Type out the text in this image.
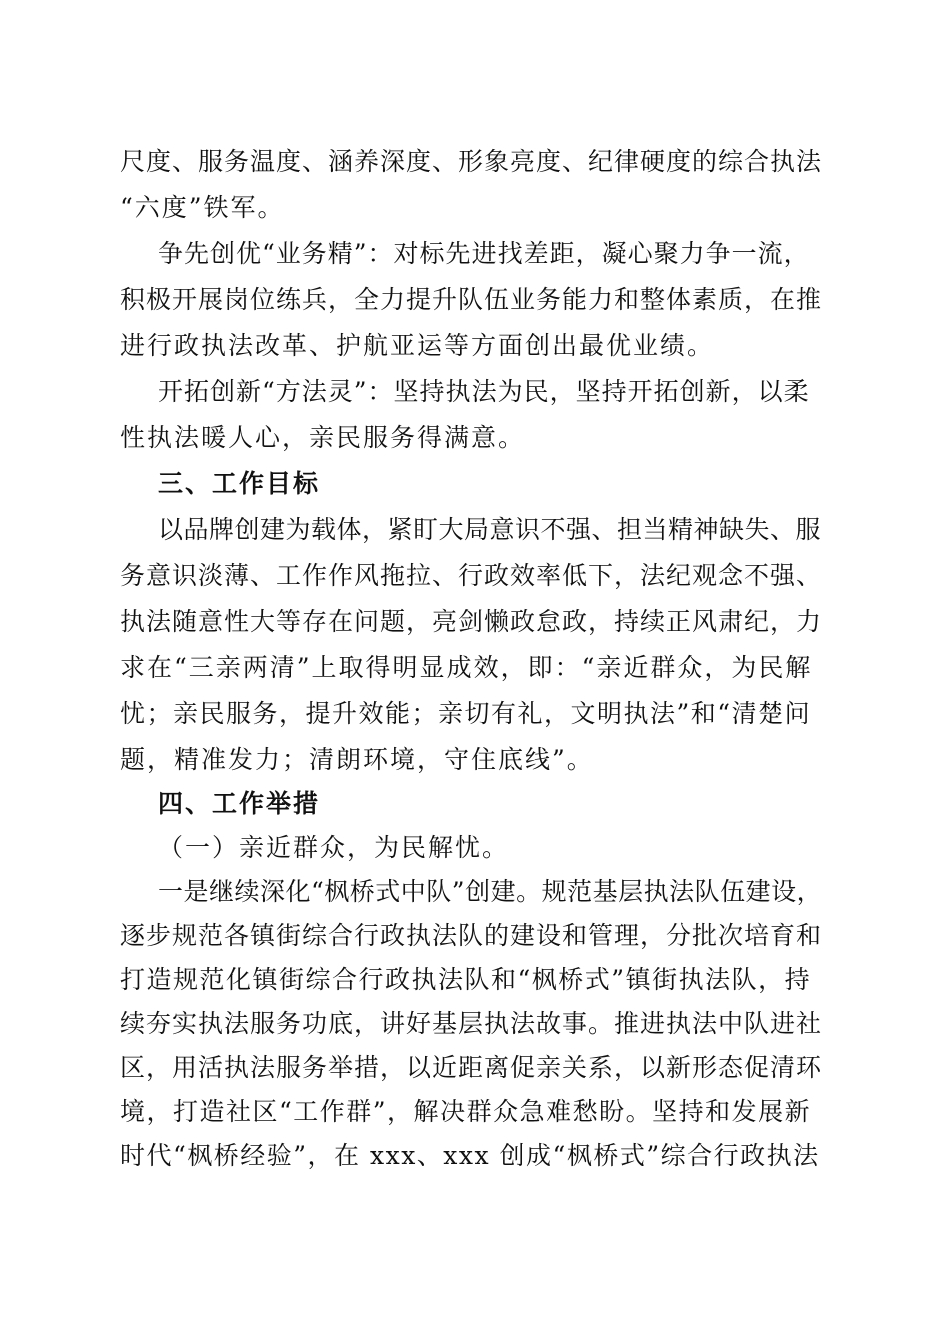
尺度、服务温度、涵养深度、形象亮度、纪律硬度的综合执法
“六度”铁军。
争先创优“业务精”：对标先进找差距，凝心聚力争一流，
积极开展岗位练兵，全力提升队伍业务能力和整体素质，在推
进行政执法改革、护航亚运等方面创出最优业绩。
开拓创新“方法灵”：坚持执法为民，坚持开拓创新，以柔
性执法暖人心，亲民服务得满意。
三、工作目标
以品牌创建为载体，紧盯大局意识不强、担当精神缺失、服
务意识淡薄、工作作风拖拉、行政效率低下，法纪观念不强、
执法随意性大等存在问题，亮剑懒政怠政，持续正风肃纪，力
求在“三亲两清”上取得明显成效，即：“亲近群众，为民解
忧；亲民服务，提升效能；亲切有礼，文明执法”和“清楚问
题，精准发力；清朗环境，守住底线”。
四、工作举措
（一）亲近群众，为民解忧。
一是继续深化“枫桥式中队”创建。规范基层执法队伍建设，
逐步规范各镇街综合行政执法队的建设和管理，分批次培育和
打造规范化镇街综合行政执法队和“枫桥式”镇街执法队，持
续夯实执法服务功底，讲好基层执法故事。推进执法中队进社
区，用活执法服务举措，以近距离促亲关系，以新形态促清环
境，打造社区“工作群”，解决群众急难愁盼。坚持和发展新
时代“枫桥经验”，在 xxx、xxx 创成“枫桥式”综合行政执法
